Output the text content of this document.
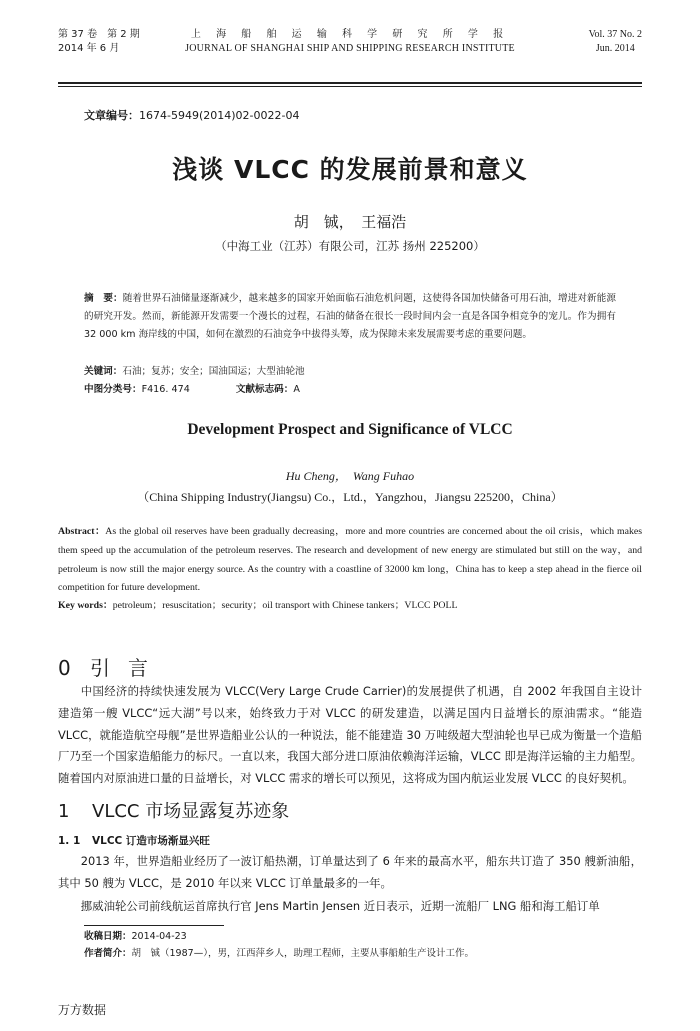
第 37 卷　第 2 期
2014 年 6 月
上 海 船 舶 运 输 科 学 研 究 所 学 报
JOURNAL OF SHANGHAI SHIP AND SHIPPING RESEARCH INSTITUTE
Vol. 37 No. 2
Jun. 2014
文章编号：1674-5949(2014)02-0022-04
浅谈 VLCC 的发展前景和意义
胡　铖，　王福浩
（中海工业（江苏）有限公司，江苏 扬州 225200）
摘　要：随着世界石油储量逐渐减少，越来越多的国家开始面临石油危机问题，这使得各国加快储备可用石油，增进对新能源的研究开发。然而，新能源开发需要一个漫长的过程，石油的储备在很长一段时间内会一直是各国争相竞争的宠儿。作为拥有 32 000 km 海岸线的中国，如何在激烈的石油竞争中拔得头筹，成为保障未来发展需要考虑的重要问题。
关键词：石油；复苏；安全；国油国运；大型油轮池
中图分类号：F416. 474	文献标志码：A
Development Prospect and Significance of VLCC
Hu Cheng，　Wang Fuhao
（China Shipping Industry(Jiangsu) Co.，Ltd.，Yangzhou，Jiangsu 225200，China）
Abstract：As the global oil reserves have been gradually decreasing，more and more countries are concerned about the oil crisis，which makes them speed up the accumulation of the petroleum reserves. The research and development of new energy are stimulated but still on the way，and petroleum is now still the major energy source. As the country with a coastline of 32000 km long，China has to keep a step ahead in the fierce oil competition for future development.
Key words：petroleum；resuscitation；security；oil transport with Chinese tankers；VLCC POLL
0 引言
中国经济的持续快速发展为 VLCC(Very Large Crude Carrier)的发展提供了机遇，自 2002 年我国自主设计建造第一艘 VLCC“远大湖”号以来，始终致力于对 VLCC 的研发建造，以满足国内日益增长的原油需求。“能造 VLCC，就能造航空母舰”是世界造船业公认的一种说法，能不能建造 30 万吨级超大型油轮也早已成为衡量一个造船厂乃至一个国家造船能力的标尺。一直以来，我国大部分进口原油依赖海洋运输，VLCC 即是海洋运输的主力船型。随着国内对原油进口量的日益增长，对 VLCC 需求的增长可以预见，这将成为国内航运业发展 VLCC 的良好契机。
1 VLCC 市场显露复苏迹象
1. 1 VLCC 订造市场渐显兴旺
2013 年，世界造船业经历了一波订船热潮，订单量达到了 6 年来的最高水平，船东共订造了 350 艘新油船，其中 50 艘为 VLCC，是 2010 年以来 VLCC 订单量最多的一年。
挪威油轮公司前线航运首席执行官 Jens Martin Jensen 近日表示，近期一流船厂 LNG 船和海工船订单
收稿日期：2014-04-23
作者简介：胡　铖（1987—），男，江西萍乡人，助理工程师，主要从事船舶生产设计工作。
万方数据
